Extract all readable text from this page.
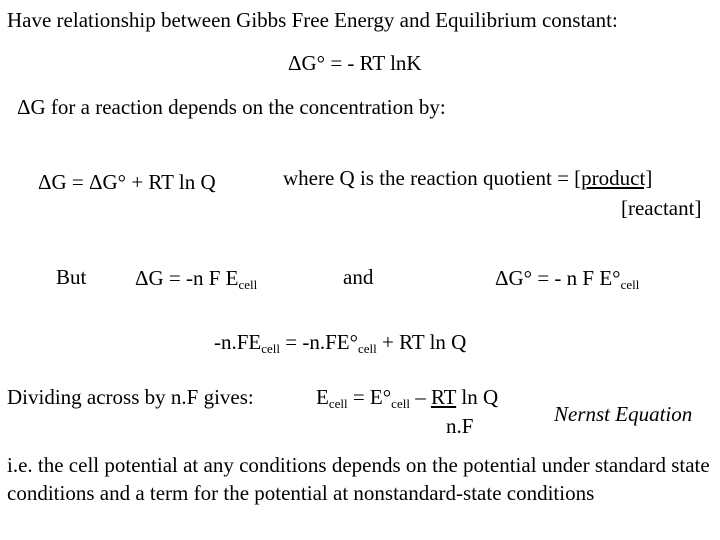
Have relationship between Gibbs Free Energy and Equilibrium constant:
ΔG° = - RT lnK
ΔG for a reaction depends on the concentration by:
ΔG = ΔG° + RT ln Q	where Q is the reaction quotient = [product]
[reactant]
But ΔG = -n F $E_{cell}$	and	ΔG° = - n F $E^\circ_{cell}$
$-n.FE_{cell} = -n.FE^\circ_{cell}$ + RT ln Q
Dividing across by n.F gives:	$E_{cell} = E^\circ_{cell}$ – RT ln Q
n.F	Nernst Equation
i.e. the cell potential at any conditions depends on the potential under standard state conditions and a term for the potential at nonstandard-state conditions
